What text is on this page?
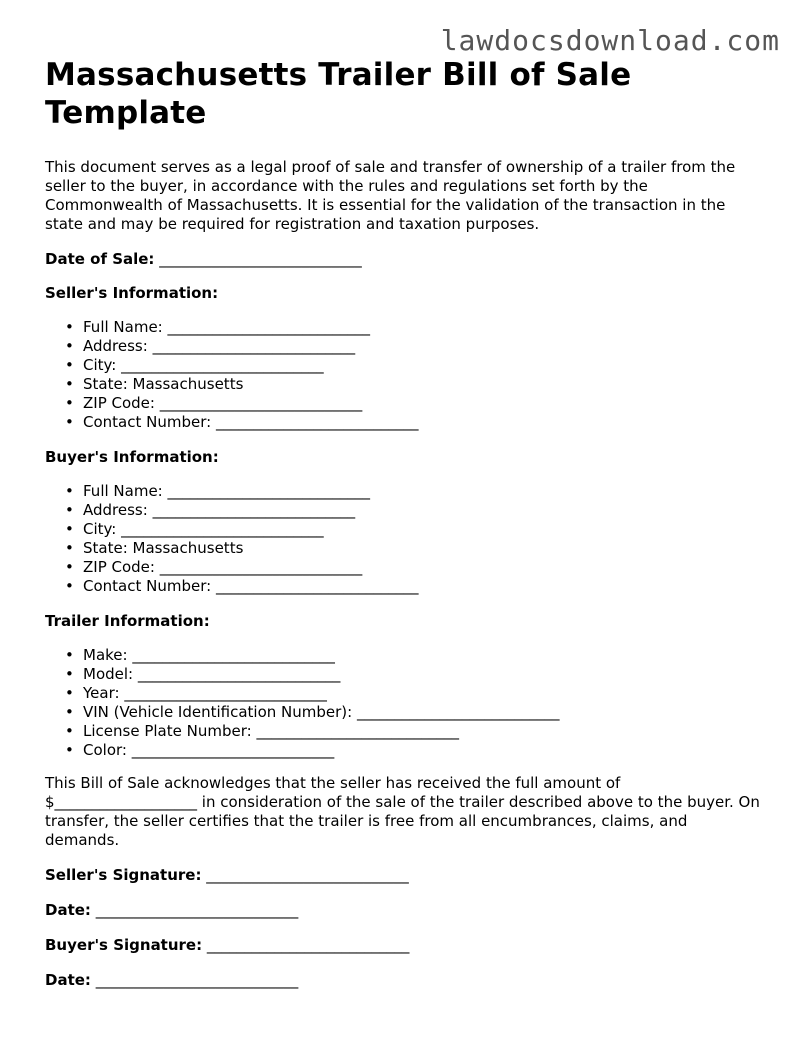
lawdocsdownload.com
Massachusetts Trailer Bill of Sale Template

This document serves as a legal proof of sale and transfer of ownership of a trailer from the seller to the buyer, in accordance with the rules and regulations set forth by the Commonwealth of Massachusetts. It is essential for the validation of the transaction in the state and may be required for registration and taxation purposes.

Date of Sale: ___________________________
Seller's Information:
• Full Name: ___________________________
• Address: ___________________________
• City: ___________________________
• State: Massachusetts
• ZIP Code: ___________________________
• Contact Number: ___________________________
Buyer's Information:
• Full Name: ___________________________
• Address: ___________________________
• City: ___________________________
• State: Massachusetts
• ZIP Code: ___________________________
• Contact Number: ___________________________
Trailer Information:
• Make: ___________________________
• Model: ___________________________
• Year: ___________________________
• VIN (Vehicle Identification Number): ___________________________
• License Plate Number: ___________________________
• Color: ___________________________

This Bill of Sale acknowledges that the seller has received the full amount of $___________________ in consideration of the sale of the trailer described above to the buyer. On transfer, the seller certifies that the trailer is free from all encumbrances, claims, and demands.

Seller's Signature: ___________________________
Date: ___________________________
Buyer's Signature: ___________________________
Date: ___________________________
